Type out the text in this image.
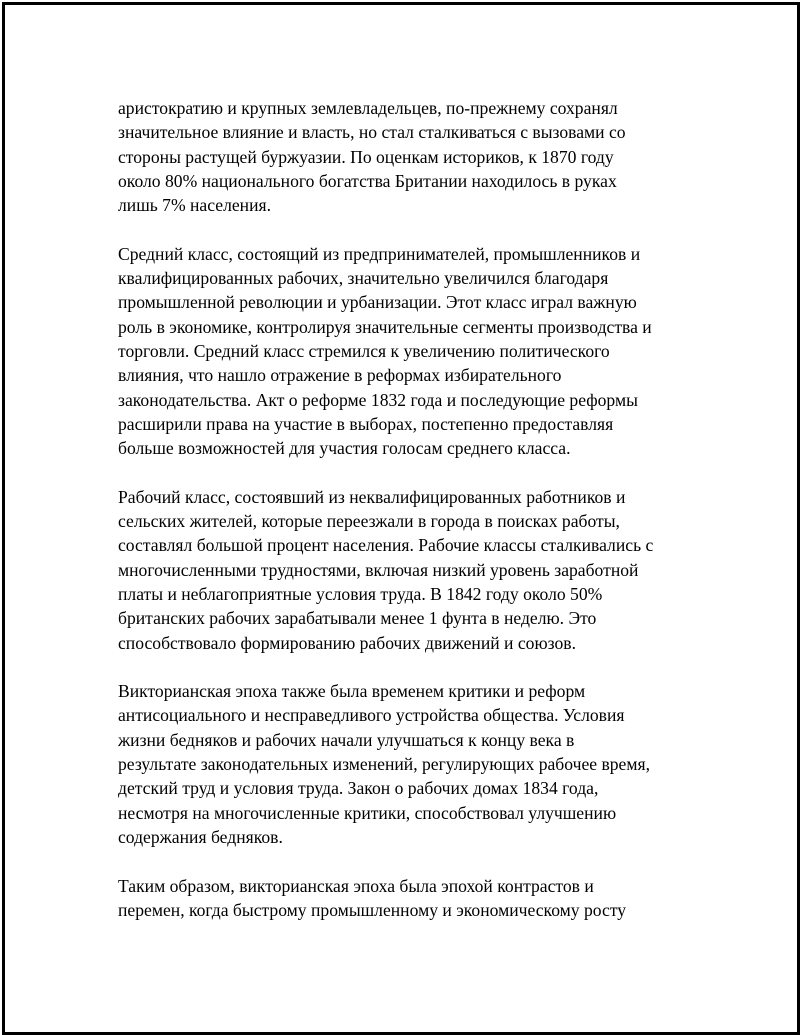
аристократию и крупных землевладельцев, по-прежнему сохранял
значительное влияние и власть, но стал сталкиваться с вызовами со
стороны растущей буржуазии. По оценкам историков, к 1870 году
около 80% национального богатства Британии находилось в руках
лишь 7% населения.

Средний класс, состоящий из предпринимателей, промышленников и
квалифицированных рабочих, значительно увеличился благодаря
промышленной революции и урбанизации. Этот класс играл важную
роль в экономике, контролируя значительные сегменты производства и
торговли. Средний класс стремился к увеличению политического
влияния, что нашло отражение в реформах избирательного
законодательства. Акт о реформе 1832 года и последующие реформы
расширили права на участие в выборах, постепенно предоставляя
больше возможностей для участия голосам среднего класса.

Рабочий класс, состоявший из неквалифицированных работников и
сельских жителей, которые переезжали в города в поисках работы,
составлял большой процент населения. Рабочие классы сталкивались с
многочисленными трудностями, включая низкий уровень заработной
платы и неблагоприятные условия труда. В 1842 году около 50%
британских рабочих зарабатывали менее 1 фунта в неделю. Это
способствовало формированию рабочих движений и союзов.

Викторианская эпоха также была временем критики и реформ
антисоциального и несправедливого устройства общества. Условия
жизни бедняков и рабочих начали улучшаться к концу века в
результате законодательных изменений, регулирующих рабочее время,
детский труд и условия труда. Закон о рабочих домах 1834 года,
несмотря на многочисленные критики, способствовал улучшению
содержания бедняков.

Таким образом, викторианская эпоха была эпохой контрастов и
перемен, когда быстрому промышленному и экономическому росту
